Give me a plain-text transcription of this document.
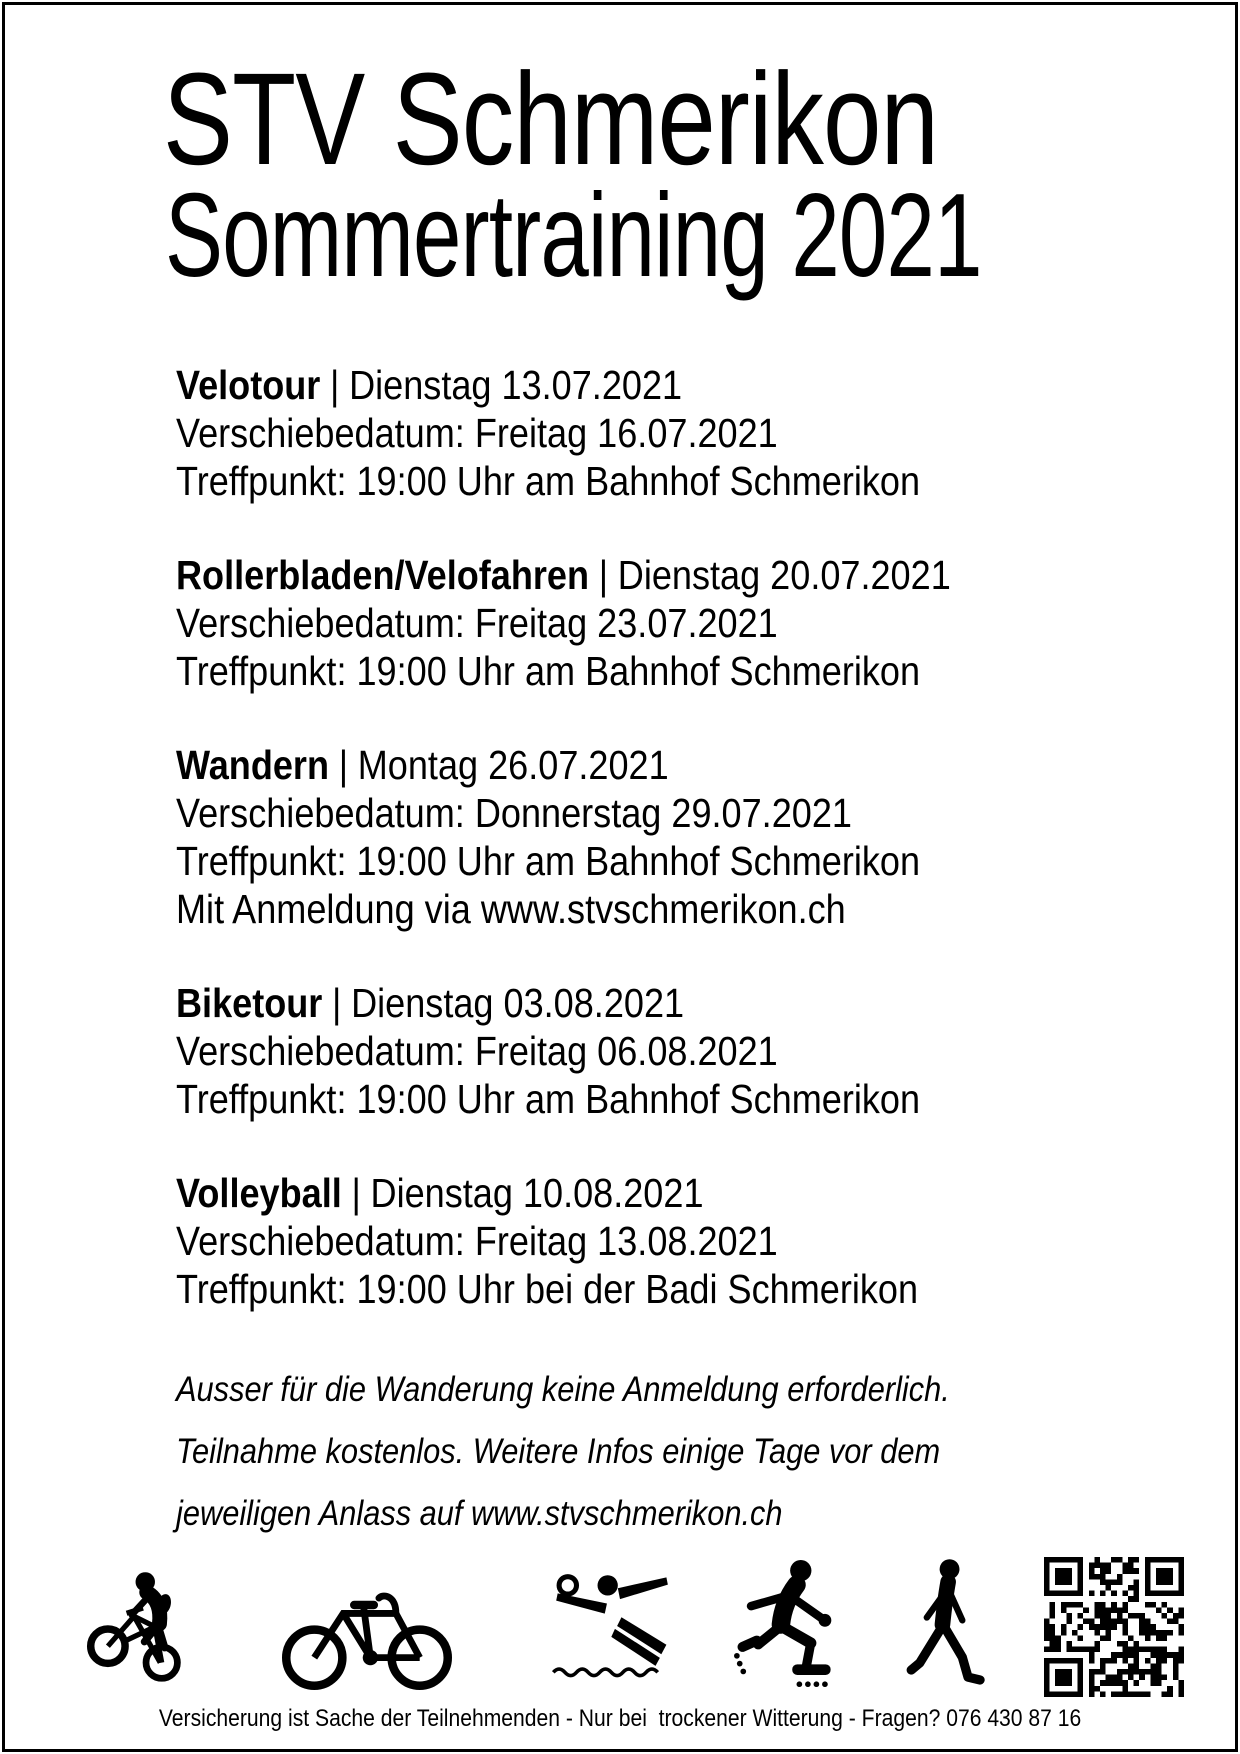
STV Schmerikon
Sommertraining 2021

Velotour | Dienstag 13.07.2021

Verschiebedatum: Freitag 16.07.2021

Treffpunkt: 19:00 Uhr am Bahnhof Schmerikon

Rollerbladen/Velofahren | Dienstag 20.07.2021

Verschiebedatum: Freitag 23.07.2021

Treffpunkt: 19:00 Uhr am Bahnhof Schmerikon

Wandern | Montag 26.07.2021

Verschiebedatum: Donnerstag 29.07.2021

Treffpunkt: 19:00 Uhr am Bahnhof Schmerikon

Mit Anmeldung via www.stvschmerikon.ch

Biketour | Dienstag 03.08.2021

Verschiebedatum: Freitag 06.08.2021

Treffpunkt: 19:00 Uhr am Bahnhof Schmerikon

Volleyball | Dienstag 10.08.2021

Verschiebedatum: Freitag 13.08.2021

Treffpunkt: 19:00 Uhr bei der Badi Schmerikon

Ausser für die Wanderung keine Anmeldung erforderlich.

Teilnahme kostenlos. Weitere Infos einige Tage vor dem

jeweiligen Anlass auf www.stvschmerikon.ch

Versicherung ist Sache der Teilnehmenden - Nur bei  trockener Witterung - Fragen? 076 430 87 16
